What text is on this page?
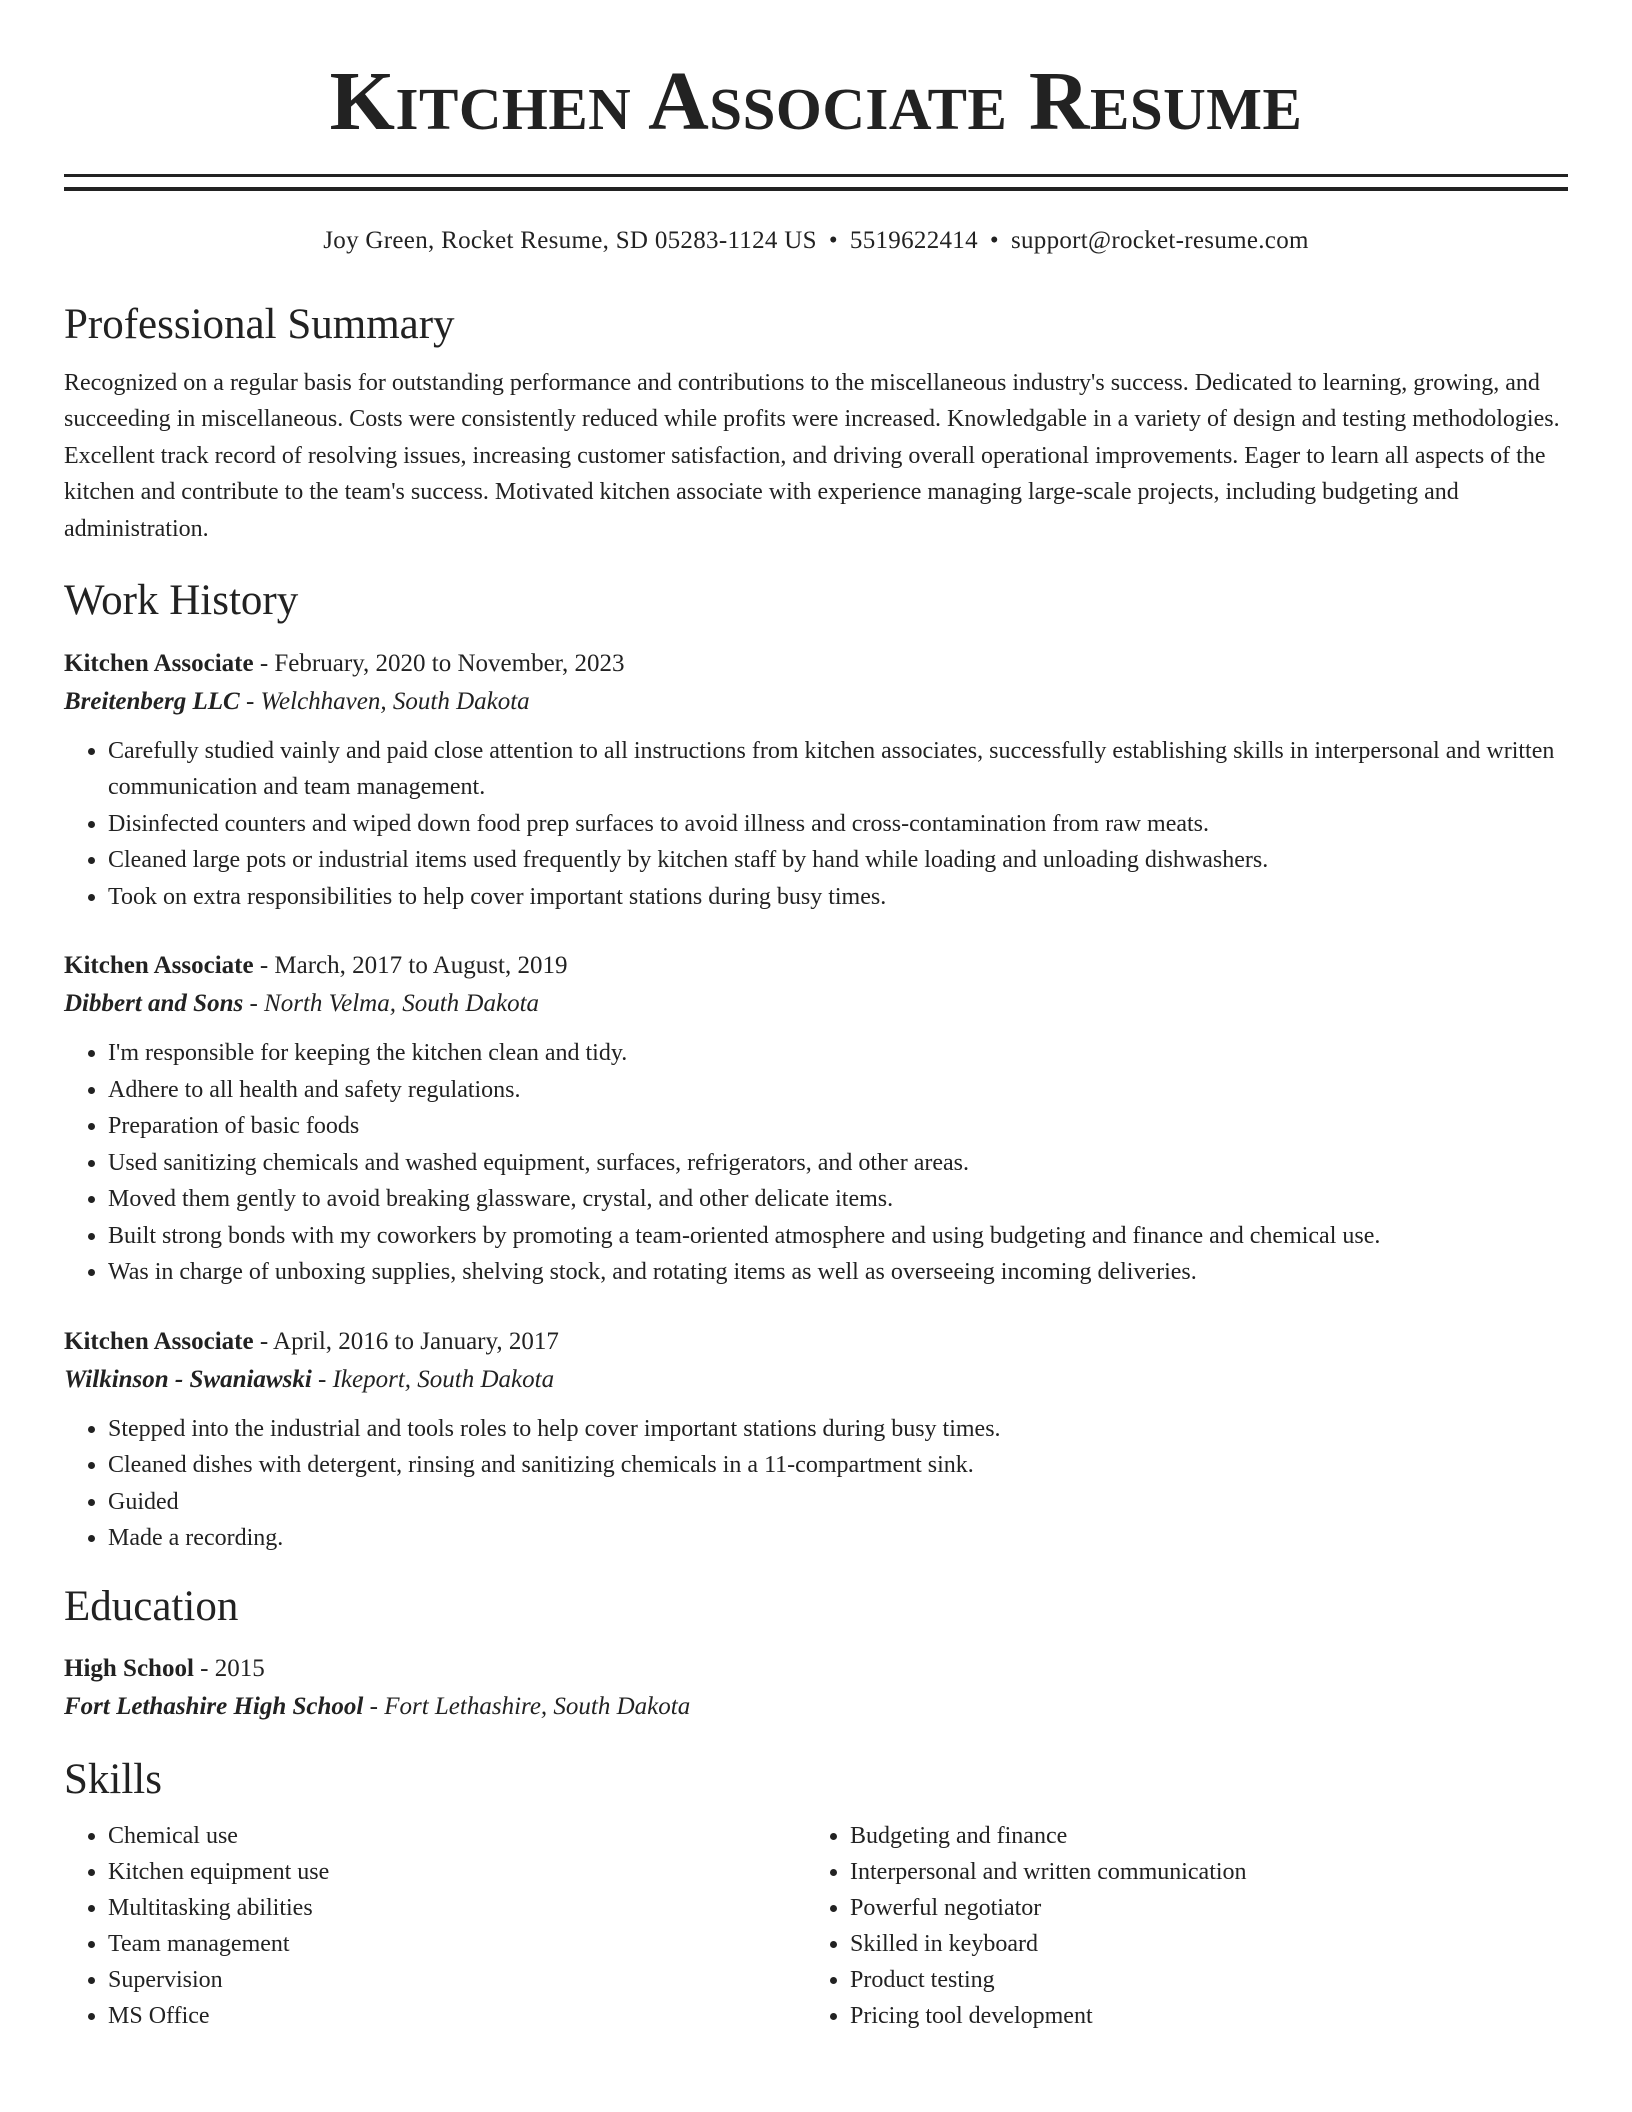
Kitchen Associate Resume
Joy Green, Rocket Resume, SD 05283-1124 US • 5519622414 • support@rocket-resume.com
Professional Summary
Recognized on a regular basis for outstanding performance and contributions to the miscellaneous industry's success. Dedicated to learning, growing, and succeeding in miscellaneous. Costs were consistently reduced while profits were increased. Knowledgable in a variety of design and testing methodologies. Excellent track record of resolving issues, increasing customer satisfaction, and driving overall operational improvements. Eager to learn all aspects of the kitchen and contribute to the team's success. Motivated kitchen associate with experience managing large-scale projects, including budgeting and administration.
Work History
Kitchen Associate - February, 2020 to November, 2023
Breitenberg LLC - Welchhaven, South Dakota
• Carefully studied vainly and paid close attention to all instructions from kitchen associates, successfully establishing skills in interpersonal and written communication and team management.
• Disinfected counters and wiped down food prep surfaces to avoid illness and cross-contamination from raw meats.
• Cleaned large pots or industrial items used frequently by kitchen staff by hand while loading and unloading dishwashers.
• Took on extra responsibilities to help cover important stations during busy times.
Kitchen Associate - March, 2017 to August, 2019
Dibbert and Sons - North Velma, South Dakota
• I'm responsible for keeping the kitchen clean and tidy.
• Adhere to all health and safety regulations.
• Preparation of basic foods
• Used sanitizing chemicals and washed equipment, surfaces, refrigerators, and other areas.
• Moved them gently to avoid breaking glassware, crystal, and other delicate items.
• Built strong bonds with my coworkers by promoting a team-oriented atmosphere and using budgeting and finance and chemical use.
• Was in charge of unboxing supplies, shelving stock, and rotating items as well as overseeing incoming deliveries.
Kitchen Associate - April, 2016 to January, 2017
Wilkinson - Swaniawski - Ikeport, South Dakota
• Stepped into the industrial and tools roles to help cover important stations during busy times.
• Cleaned dishes with detergent, rinsing and sanitizing chemicals in a 11-compartment sink.
• Guided
• Made a recording.
Education
High School - 2015
Fort Lethashire High School - Fort Lethashire, South Dakota
Skills
• Chemical use
• Kitchen equipment use
• Multitasking abilities
• Team management
• Supervision
• MS Office
• Budgeting and finance
• Interpersonal and written communication
• Powerful negotiator
• Skilled in keyboard
• Product testing
• Pricing tool development
